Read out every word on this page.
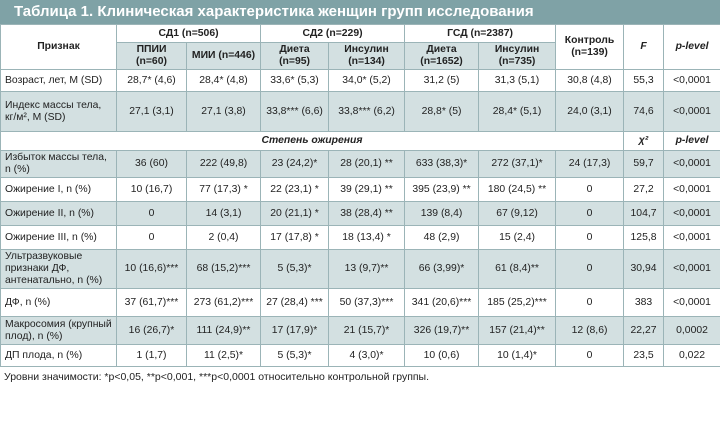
Таблица 1. Клиническая характеристика женщин групп исследования
Признак	СД1 (n=506)		СД2 (n=229)		ГСД (n=2387)		Контроль (n=139)	F	p-level
	ППИИ (n=60)	МИИ (n=446)	Диета (n=95)	Инсулин (n=134)	Диета (n=1652)	Инсулин (n=735)			
Возраст, лет, M (SD)	28,7* (4,6)	28,4* (4,8)	33,6* (5,3)	34,0* (5,2)	31,2 (5)	31,3 (5,1)	30,8 (4,8)	55,3	<0,0001
Индекс массы тела, кг/м², M (SD)	27,1 (3,1)	27,1 (3,8)	33,8*** (6,6)	33,8*** (6,2)	28,8* (5)	28,4* (5,1)	24,0 (3,1)	74,6	<0,0001
Степень ожирения								χ²	p-level
Избыток массы тела, n (%)	36 (60)	222 (49,8)	23 (24,2)*	28 (20,1) **	633 (38,3)*	272 (37,1)*	24 (17,3)	59,7	<0,0001
Ожирение I, n (%)	10 (16,7)	77 (17,3) *	22 (23,1) *	39 (29,1) **	395 (23,9) **	180 (24,5) **	0	27,2	<0,0001
Ожирение II, n (%)	0	14 (3,1)	20 (21,1) *	38 (28,4) **	139 (8,4)	67 (9,12)	0	104,7	<0,0001
Ожирение III, n (%)	0	2 (0,4)	17 (17,8) *	18 (13,4) *	48 (2,9)	15 (2,4)	0	125,8	<0,0001
Ультразвуковые признаки ДФ, антенатально, n (%)	10 (16,6)***	68 (15,2)***	5 (5,3)*	13 (9,7)**	66 (3,99)*	61 (8,4)**	0	30,94	<0,0001
ДФ, n (%)	37 (61,7)***	273 (61,2)***	27 (28,4) ***	50 (37,3)***	341 (20,6)***	185 (25,2)***	0	383	<0,0001
Макросомия (крупный плод), n (%)	16 (26,7)*	111 (24,9)**	17 (17,9)*	21 (15,7)*	326 (19,7)**	157 (21,4)**	12 (8,6)	22,27	0,0002
ДП плода, n (%)	1 (1,7)	11 (2,5)*	5 (5,3)*	4 (3,0)*	10 (0,6)	10 (1,4)*	0	23,5	0,022
Уровни значимости: *p<0,05, **p<0,001, ***p<0,0001 относительно контрольной группы.
